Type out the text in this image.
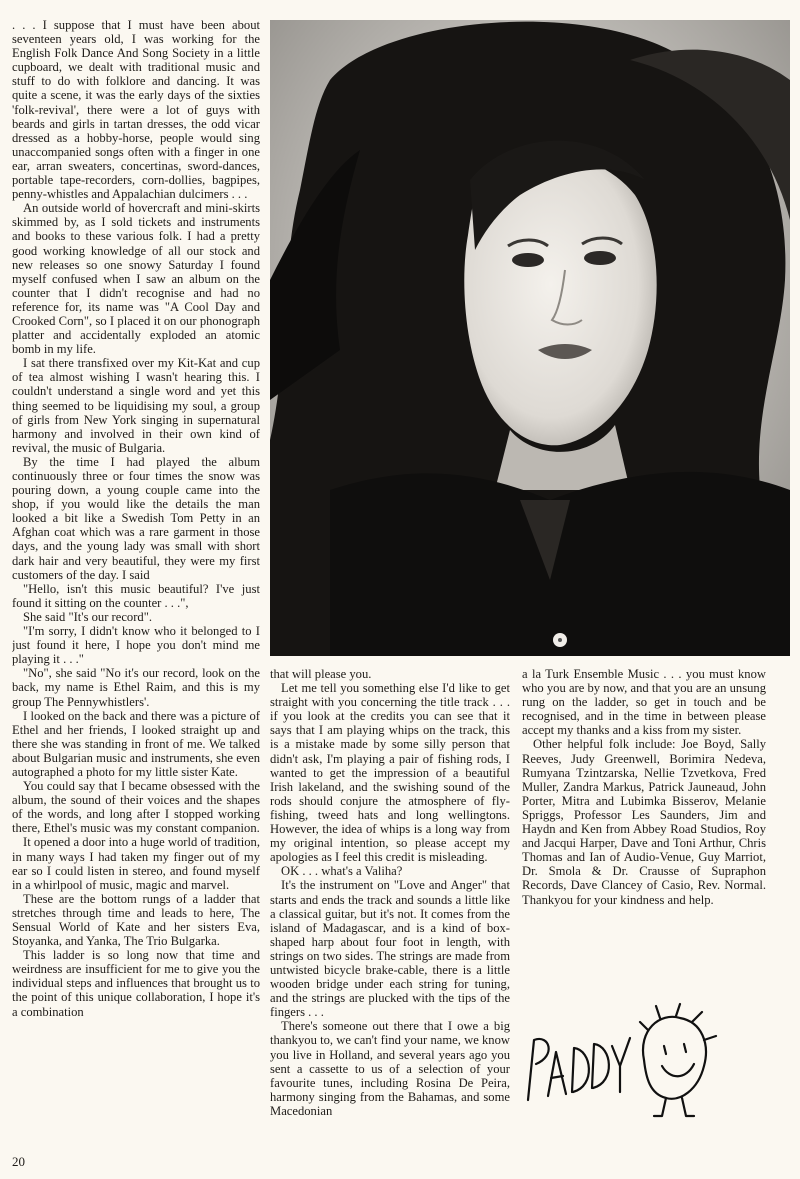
. . . I suppose that I must have been about seventeen years old, I was working for the English Folk Dance And Song Society in a little cupboard, we dealt with traditional music and stuff to do with folklore and dancing. It was quite a scene, it was the early days of the sixties 'folk-revival', there were a lot of guys with beards and girls in tartan dresses, the odd vicar dressed as a hobby-horse, people would sing unaccompanied songs often with a finger in one ear, arran sweaters, concertinas, sword-dances, portable tape-recorders, corn-dollies, bagpipes, penny-whistles and Appalachian dulcimers . . .

An outside world of hovercraft and mini-skirts skimmed by, as I sold tickets and instruments and books to these various folk. I had a pretty good working knowledge of all our stock and new releases so one snowy Saturday I found myself confused when I saw an album on the counter that I didn't recognise and had no reference for, its name was "A Cool Day and Crooked Corn", so I placed it on our phonograph platter and accidentally exploded an atomic bomb in my life.

I sat there transfixed over my Kit-Kat and cup of tea almost wishing I wasn't hearing this. I couldn't understand a single word and yet this thing seemed to be liquidising my soul, a group of girls from New York singing in supernatural harmony and involved in their own kind of revival, the music of Bulgaria.

By the time I had played the album continuously three or four times the snow was pouring down, a young couple came into the shop, if you would like the details the man looked a bit like a Swedish Tom Petty in an Afghan coat which was a rare garment in those days, and the young lady was small with short dark hair and very beautiful, they were my first customers of the day. I said

"Hello, isn't this music beautiful? I've just found it sitting on the counter . . .",

She said "It's our record".

"I'm sorry, I didn't know who it belonged to I just found it here, I hope you don't mind me playing it . . ."

"No", she said "No it's our record, look on the back, my name is Ethel Raim, and this is my group The Pennywhistlers'.

I looked on the back and there was a picture of Ethel and her friends, I looked straight up and there she was standing in front of me. We talked about Bulgarian music and instruments, she even autographed a photo for my little sister Kate.

You could say that I became obsessed with the album, the sound of their voices and the shapes of the words, and long after I stopped working there, Ethel's music was my constant companion.

It opened a door into a huge world of tradition, in many ways I had taken my finger out of my ear so I could listen in stereo, and found myself in a whirlpool of music, magic and marvel.

These are the bottom rungs of a ladder that stretches through time and leads to here, The Sensual World of Kate and her sisters Eva, Stoyanka, and Yanka, The Trio Bulgarka.

This ladder is so long now that time and weirdness are insufficient for me to give you the individual steps and influences that brought us to the point of this unique collaboration, I hope it's a combination

that will please you.

Let me tell you something else I'd like to get straight with you concerning the title track . . . if you look at the credits you can see that it says that I am playing whips on the track, this is a mistake made by some silly person that didn't ask, I'm playing a pair of fishing rods, I wanted to get the impression of a beautiful Irish lakeland, and the swishing sound of the rods should conjure the atmosphere of fly-fishing, tweed hats and long wellingtons. However, the idea of whips is a long way from my original intention, so please accept my apologies as I feel this credit is misleading.

OK . . . what's a Valiha?

It's the instrument on "Love and Anger" that starts and ends the track and sounds a little like a classical guitar, but it's not. It comes from the island of Madagascar, and is a kind of box-shaped harp about four foot in length, with strings on two sides. The strings are made from untwisted bicycle brake-cable, there is a little wooden bridge under each string for tuning, and the strings are plucked with the tips of the fingers . . .

There's someone out there that I owe a big thankyou to, we can't find your name, we know you live in Holland, and several years ago you sent a cassette to us of a selection of your favourite tunes, including Rosina De Peira, harmony singing from the Bahamas, and some Macedonian

a la Turk Ensemble Music . . . you must know who you are by now, and that you are an unsung rung on the ladder, so get in touch and be recognised, and in the time in between please accept my thanks and a kiss from my sister.

Other helpful folk include: Joe Boyd, Sally Reeves, Judy Greenwell, Borimira Nedeva, Rumyana Tzintzarska, Nellie Tzvetkova, Fred Muller, Zandra Markus, Patrick Jauneaud, John Porter, Mitra and Lubimka Bisserov, Melanie Spriggs, Professor Les Saunders, Jim and Haydn and Ken from Abbey Road Studios, Roy and Jacqui Harper, Dave and Toni Arthur, Chris Thomas and Ian of Audio-Venue, Guy Marriot, Dr. Smola & Dr. Crausse of Supraphon Records, Dave Clancey of Casio, Rev. Normal. Thankyou for your kindness and help.

PADDY
20
